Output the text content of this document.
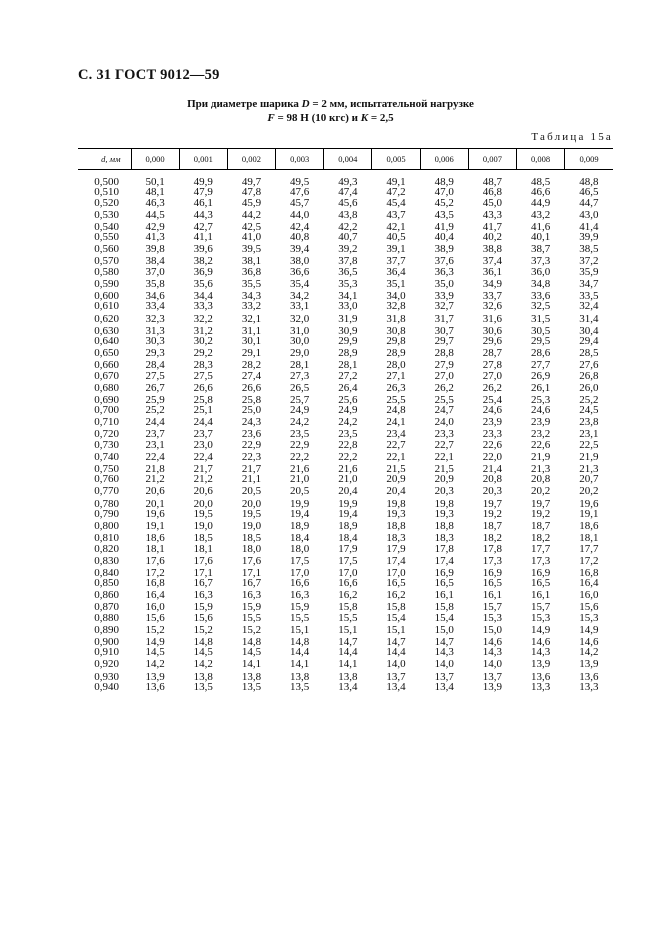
С. 31 ГОСТ 9012—59
При диаметре шарика D = 2 мм, испытательной нагрузке
F = 98 Н (10 кгс) и K = 2,5
Таблица 15а
d, мм	0,000	0,001	0,002	0,003	0,004	0,005	0,006	0,007	0,008	0,009
0,500	50,1	49,9	49,7	49,5	49,3	49,1	48,9	48,7	48,5	48,8
0,510	48,1	47,9	47,8	47,6	47,4	47,2	47,0	46,8	46,6	46,5
0,520	46,3	46,1	45,9	45,7	45,6	45,4	45,2	45,0	44,9	44,7
0,530	44,5	44,3	44,2	44,0	43,8	43,7	43,5	43,3	43,2	43,0
0,540	42,9	42,7	42,5	42,4	42,2	42,1	41,9	41,7	41,6	41,4
0,550	41,3	41,1	41,0	40,8	40,7	40,5	40,4	40,2	40,1	39,9
0,560	39,8	39,6	39,5	39,4	39,2	39,1	38,9	38,8	38,7	38,5
0,570	38,4	38,2	38,1	38,0	37,8	37,7	37,6	37,4	37,3	37,2
0,580	37,0	36,9	36,8	36,6	36,5	36,4	36,3	36,1	36,0	35,9
0,590	35,8	35,6	35,5	35,4	35,3	35,1	35,0	34,9	34,8	34,7
0,600	34,6	34,4	34,3	34,2	34,1	34,0	33,9	33,7	33,6	33,5
0,610	33,4	33,3	33,2	33,1	33,0	32,8	32,7	32,6	32,5	32,4
0,620	32,3	32,2	32,1	32,0	31,9	31,8	31,7	31,6	31,5	31,4
0,630	31,3	31,2	31,1	31,0	30,9	30,8	30,7	30,6	30,5	30,4
0,640	30,3	30,2	30,1	30,0	29,9	29,8	29,7	29,6	29,5	29,4
0,650	29,3	29,2	29,1	29,0	28,9	28,9	28,8	28,7	28,6	28,5
0,660	28,4	28,3	28,2	28,1	28,1	28,0	27,9	27,8	27,7	27,6
0,670	27,5	27,5	27,4	27,3	27,2	27,1	27,0	27,0	26,9	26,8
0,680	26,7	26,6	26,6	26,5	26,4	26,3	26,2	26,2	26,1	26,0
0,690	25,9	25,8	25,8	25,7	25,6	25,5	25,5	25,4	25,3	25,2
0,700	25,2	25,1	25,0	24,9	24,9	24,8	24,7	24,6	24,6	24,5
0,710	24,4	24,4	24,3	24,2	24,2	24,1	24,0	23,9	23,9	23,8
0,720	23,7	23,7	23,6	23,5	23,5	23,4	23,3	23,3	23,2	23,1
0,730	23,1	23,0	22,9	22,9	22,8	22,7	22,7	22,6	22,6	22,5
0,740	22,4	22,4	22,3	22,2	22,2	22,1	22,1	22,0	21,9	21,9
0,750	21,8	21,7	21,7	21,6	21,6	21,5	21,5	21,4	21,3	21,3
0,760	21,2	21,2	21,1	21,0	21,0	20,9	20,9	20,8	20,8	20,7
0,770	20,6	20,6	20,5	20,5	20,4	20,4	20,3	20,3	20,2	20,2
0,780	20,1	20,0	20,0	19,9	19,9	19,8	19,8	19,7	19,7	19,6
0,790	19,6	19,5	19,5	19,4	19,4	19,3	19,3	19,2	19,2	19,1
0,800	19,1	19,0	19,0	18,9	18,9	18,8	18,8	18,7	18,7	18,6
0,810	18,6	18,5	18,5	18,4	18,4	18,3	18,3	18,2	18,2	18,1
0,820	18,1	18,1	18,0	18,0	17,9	17,9	17,8	17,8	17,7	17,7
0,830	17,6	17,6	17,6	17,5	17,5	17,4	17,4	17,3	17,3	17,2
0,840	17,2	17,1	17,1	17,0	17,0	17,0	16,9	16,9	16,9	16,8
0,850	16,8	16,7	16,7	16,6	16,6	16,5	16,5	16,5	16,5	16,4
0,860	16,4	16,3	16,3	16,3	16,2	16,2	16,1	16,1	16,1	16,0
0,870	16,0	15,9	15,9	15,9	15,8	15,8	15,8	15,7	15,7	15,6
0,880	15,6	15,6	15,5	15,5	15,5	15,4	15,4	15,3	15,3	15,3
0,890	15,2	15,2	15,2	15,1	15,1	15,1	15,0	15,0	14,9	14,9
0,900	14,9	14,8	14,8	14,8	14,7	14,7	14,7	14,6	14,6	14,6
0,910	14,5	14,5	14,5	14,4	14,4	14,4	14,3	14,3	14,3	14,2
0,920	14,2	14,2	14,1	14,1	14,1	14,0	14,0	14,0	13,9	13,9
0,930	13,9	13,8	13,8	13,8	13,8	13,7	13,7	13,7	13,6	13,6
0,940	13,6	13,5	13,5	13,5	13,4	13,4	13,4	13,9	13,3	13,3
